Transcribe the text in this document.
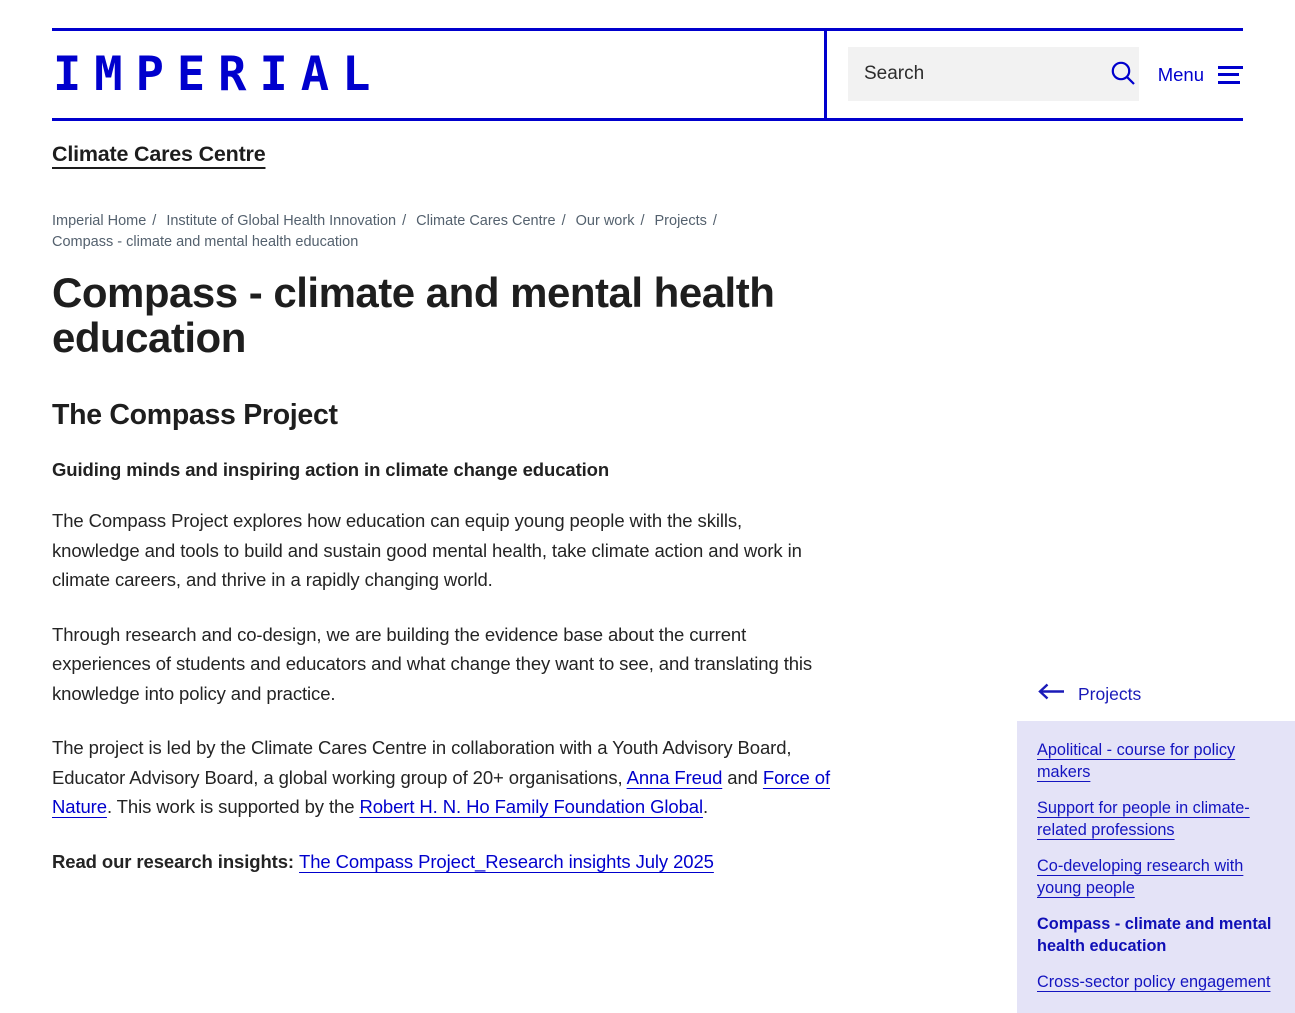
IMPERIAL
Search	Menu
Climate Cares Centre
Imperial Home / Institute of Global Health Innovation / Climate Cares Centre / Our work / Projects / Compass - climate and mental health education
Compass - climate and mental health education
The Compass Project

Guiding minds and inspiring action in climate change education

The Compass Project explores how education can equip young people with the skills, knowledge and tools to build and sustain good mental health, take climate action and work in climate careers, and thrive in a rapidly changing world.

Through research and co-design, we are building the evidence base about the current experiences of students and educators and what change they want to see, and translating this knowledge into policy and practice.

The project is led by the Climate Cares Centre in collaboration with a Youth Advisory Board, Educator Advisory Board, a global working group of 20+ organisations, Anna Freud and Force of Nature. This work is supported by the Robert H. N. Ho Family Foundation Global.

Read our research insights: The Compass Project_Research insights July 2025

Projects
Apolitical - course for policy makers
Support for people in climate-related professions
Co-developing research with young people
Compass - climate and mental health education
Cross-sector policy engagement
